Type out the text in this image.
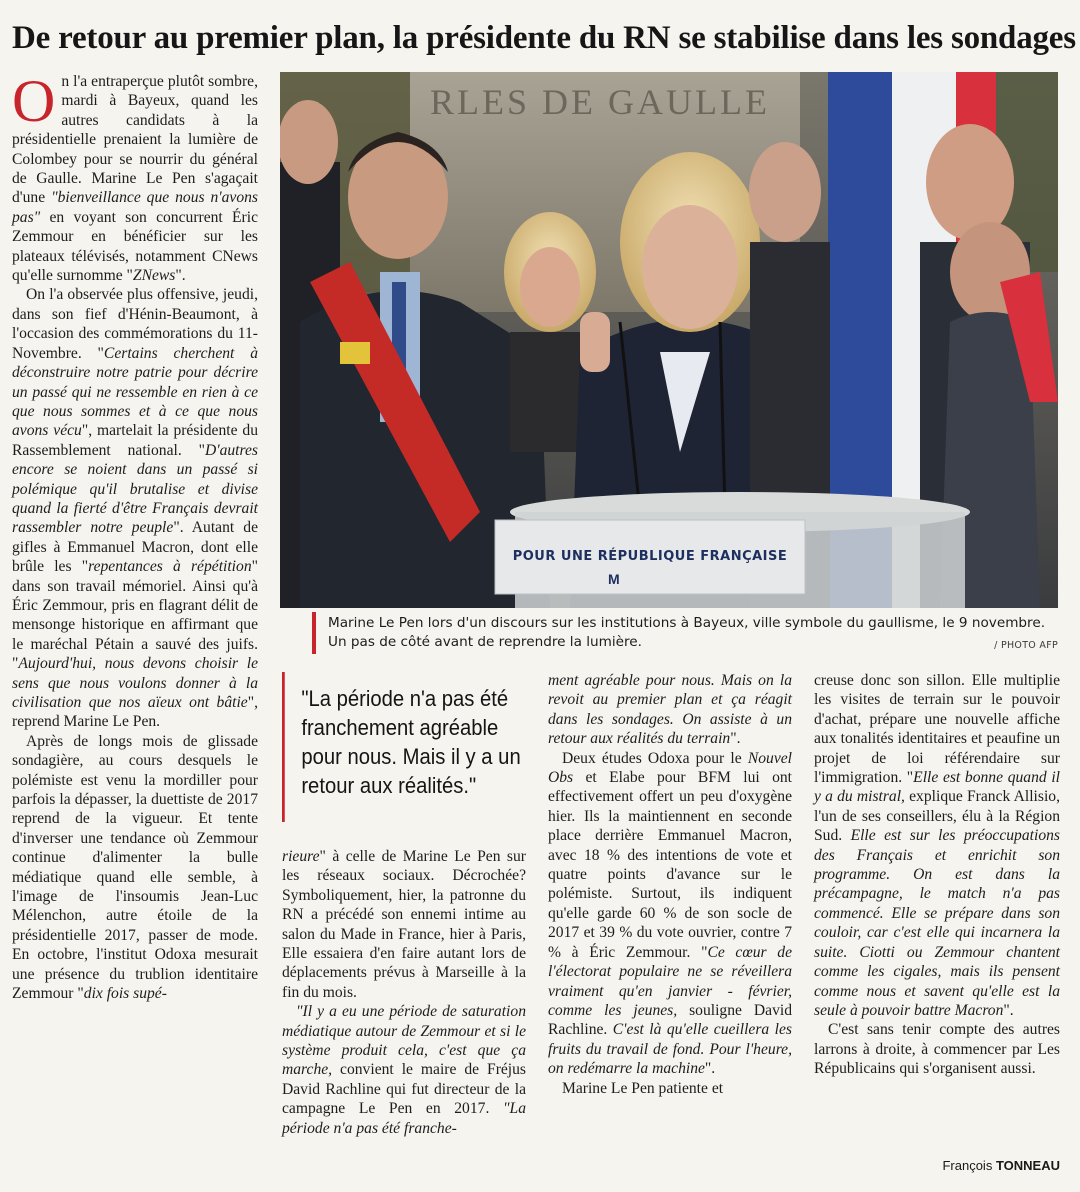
De retour au premier plan, la présidente du RN se stabilise dans les sondages

On l'a entraperçue plutôt sombre, mardi à Bayeux, quand les autres candidats à la présidentielle prenaient la lumière de Colombey pour se nourrir du général de Gaulle. Marine Le Pen s'agaçait d'une "bienveillance que nous n'avons pas" en voyant son concurrent Éric Zemmour en bénéficier sur les plateaux télévisés, notamment CNews qu'elle surnomme "ZNews".

On l'a observée plus offensive, jeudi, dans son fief d'Hénin-Beaumont, à l'occasion des commémorations du 11-Novembre. "Certains cherchent à déconstruire notre patrie pour décrire un passé qui ne ressemble en rien à ce que nous sommes et à ce que nous avons vécu", martelait la présidente du Rassemblement national. "D'autres encore se noient dans un passé si polémique qu'il brutalise et divise quand la fierté d'être Français devrait rassembler notre peuple". Autant de gifles à Emmanuel Macron, dont elle brûle les "repentances à répétition" dans son travail mémoriel. Ainsi qu'à Éric Zemmour, pris en flagrant délit de mensonge historique en affirmant que le maréchal Pétain a sauvé des juifs. "Aujourd'hui, nous devons choisir le sens que nous voulons donner à la civilisation que nos aïeux ont bâtie", reprend Marine Le Pen.

Après de longs mois de glissade sondagière, au cours desquels le polémiste est venu la mordiller pour parfois la dépasser, la duettiste de 2017 reprend de la vigueur. Et tente d'inverser une tendance où Zemmour continue d'alimenter la bulle médiatique quand elle semble, à l'image de l'insoumis Jean-Luc Mélenchon, autre étoile de la présidentielle 2017, passer de mode. En octobre, l'institut Odoxa mesurait une présence du trublion identitaire Zemmour "dix fois supé-

RLES DE GAULLE
POUR UNE RÉPUBLIQUE FRANÇAISE
M

Marine Le Pen lors d'un discours sur les institutions à Bayeux, ville symbole du gaullisme, le 9 novembre. Un pas de côté avant de reprendre la lumière.	/ PHOTO AFP
"La période n'a pas été franchement agréable pour nous. Mais il y a un retour aux réalités."

rieure" à celle de Marine Le Pen sur les réseaux sociaux. Décrochée? Symboliquement, hier, la patronne du RN a précédé son ennemi intime au salon du Made in France, hier à Paris, Elle essaiera d'en faire autant lors de déplacements prévus à Marseille à la fin du mois.

"Il y a eu une période de saturation médiatique autour de Zemmour et si le système produit cela, c'est que ça marche, convient le maire de Fréjus David Rachline qui fut directeur de la campagne Le Pen en 2017. "La période n'a pas été franche-

ment agréable pour nous. Mais on la revoit au premier plan et ça réagit dans les sondages. On assiste à un retour aux réalités du terrain".

Deux études Odoxa pour le Nouvel Obs et Elabe pour BFM lui ont effectivement offert un peu d'oxygène hier. Ils la maintiennent en seconde place derrière Emmanuel Macron, avec 18 % des intentions de vote et quatre points d'avance sur le polémiste. Surtout, ils indiquent qu'elle garde 60 % de son socle de 2017 et 39 % du vote ouvrier, contre 7 % à Éric Zemmour. "Ce cœur de l'électorat populaire ne se réveillera vraiment qu'en janvier - février, comme les jeunes, souligne David Rachline. C'est là qu'elle cueillera les fruits du travail de fond. Pour l'heure, on redémarre la machine".

Marine Le Pen patiente et

creuse donc son sillon. Elle multiplie les visites de terrain sur le pouvoir d'achat, prépare une nouvelle affiche aux tonalités identitaires et peaufine un projet de loi référendaire sur l'immigration. "Elle est bonne quand il y a du mistral, explique Franck Allisio, l'un de ses conseillers, élu à la Région Sud. Elle est sur les préoccupations des Français et enrichit son programme. On est dans la précampagne, le match n'a pas commencé. Elle se prépare dans son couloir, car c'est elle qui incarnera la suite. Ciotti ou Zemmour chantent comme les cigales, mais ils pensent comme nous et savent qu'elle est la seule à pouvoir battre Macron".

C'est sans tenir compte des autres larrons à droite, à commencer par Les Républicains qui s'organisent aussi.

François TONNEAU
